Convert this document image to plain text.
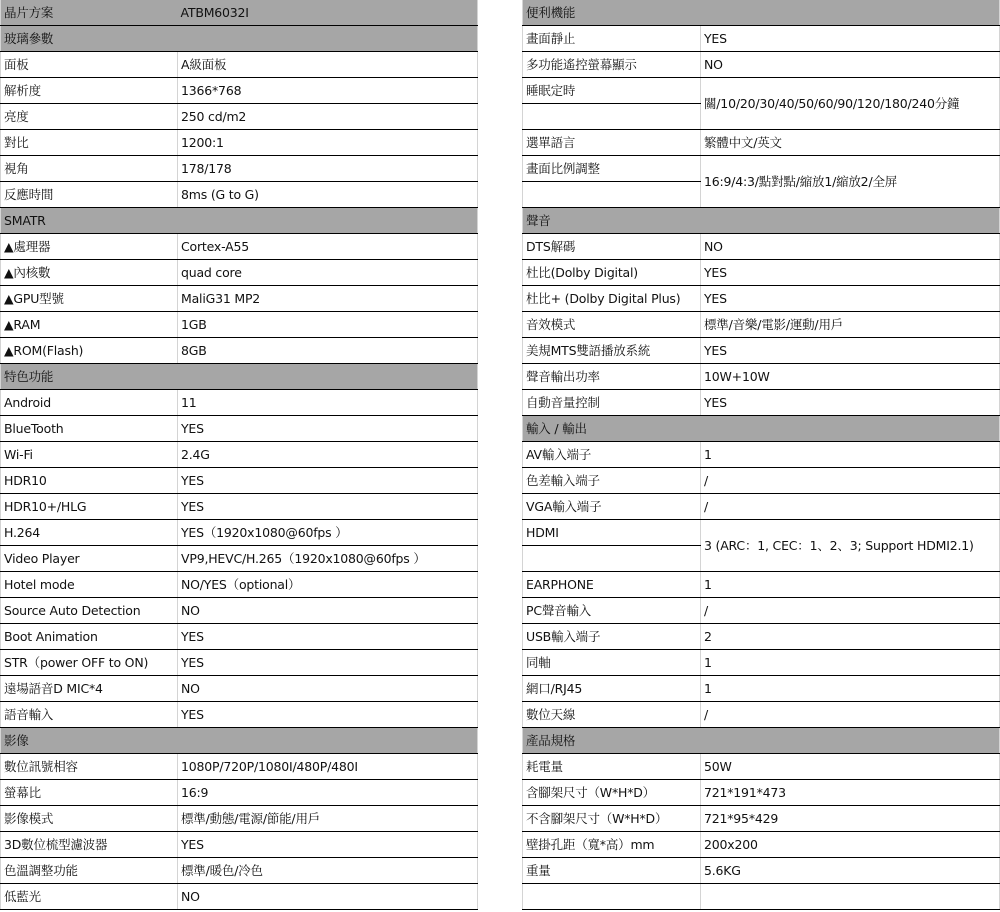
晶片方案	ATBM6032I
玻璃參數	
面板	A級面板
解析度	1366*768
亮度	250 cd/m2
對比	1200:1
視角	178/178
反應時間	8ms (G to G)
SMATR	
▲處理器	Cortex-A55
▲內核數	quad core
▲GPU型號	MaliG31 MP2
▲RAM	1GB
▲ROM(Flash)	8GB
特色功能	
Android	11
BlueTooth	YES
Wi-Fi	2.4G
HDR10	YES
HDR10+/HLG	YES
H.264	YES（1920x1080@60fps ）
Video Player	VP9,HEVC/H.265（1920x1080@60fps ）
Hotel mode	NO/YES（optional）
Source Auto Detection	NO
Boot Animation	YES
STR（power OFF to ON)	YES
遠場語音D MIC*4	NO
語音輸入	YES
影像	
數位訊號相容	1080P/720P/1080I/480P/480I
螢幕比	16:9
影像模式	標準/動態/電源/節能/用戶
3D數位梳型濾波器	YES
色溫調整功能	標準/暖色/冷色
低藍光	NO
便利機能	
畫面靜止	YES
多功能遙控螢幕顯示	NO
睡眠定時	關/10/20/30/40/50/60/90/120/180/240分鐘

選單語言	繁體中文/英文
畫面比例調整	16:9/4:3/點對點/縮放1/縮放2/全屏

聲音	
DTS解碼	NO
杜比(Dolby Digital)	YES
杜比+ (Dolby Digital Plus)	YES
音效模式	標準/音樂/電影/運動/用戶
美規MTS雙語播放系統	YES
聲音輸出功率	10W+10W
自動音量控制	YES
輸入 / 輸出	
AV輸入端子	1
色差輸入端子	/
VGA輸入端子	/
HDMI	3 (ARC：1, CEC：1、2、3; Support HDMI2.1)

EARPHONE	1
PC聲音輸入	/
USB輸入端子	2
同軸	1
網口/RJ45	1
數位天線	/
產品規格	
耗電量	50W
含腳架尺寸（W*H*D）	721*191*473
不含腳架尺寸（W*H*D）	721*95*429
壁掛孔距（寬*高）mm	200x200
重量	5.6KG
